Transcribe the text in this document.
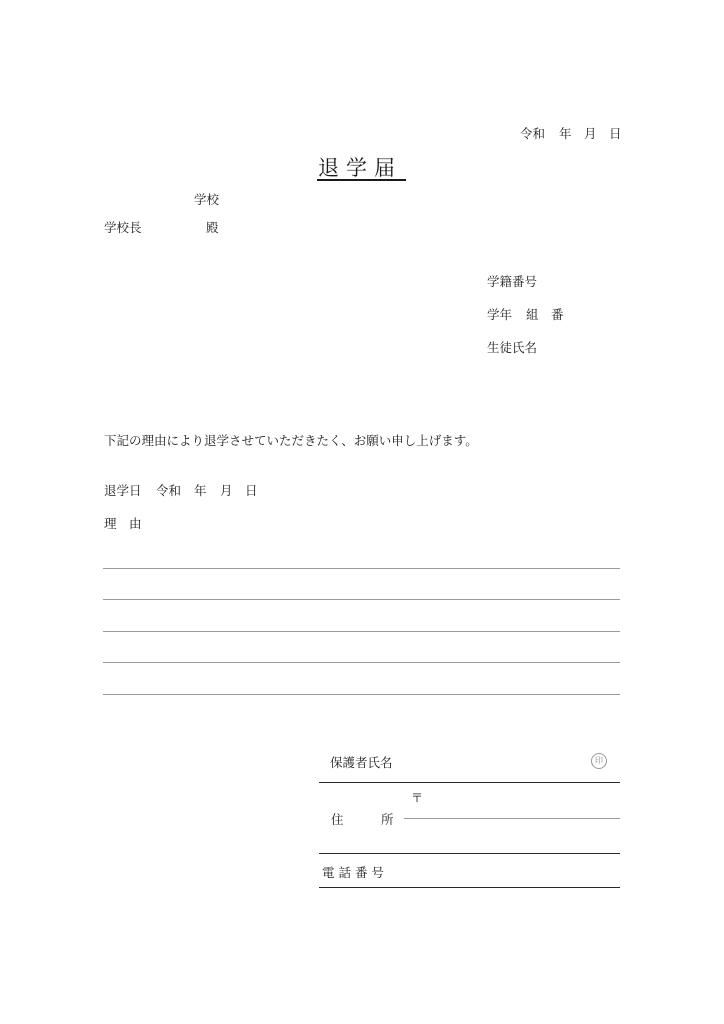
令和 年 月 日
退学届
学校
学校長	殿
学籍番号
学年 組 番
生徒氏名
下記の理由により退学させていただきたく、お願い申し上げます。
退学日 令和 年 月 日
理　由
保護者氏名	印
〒
住	所
電 話 番 号
